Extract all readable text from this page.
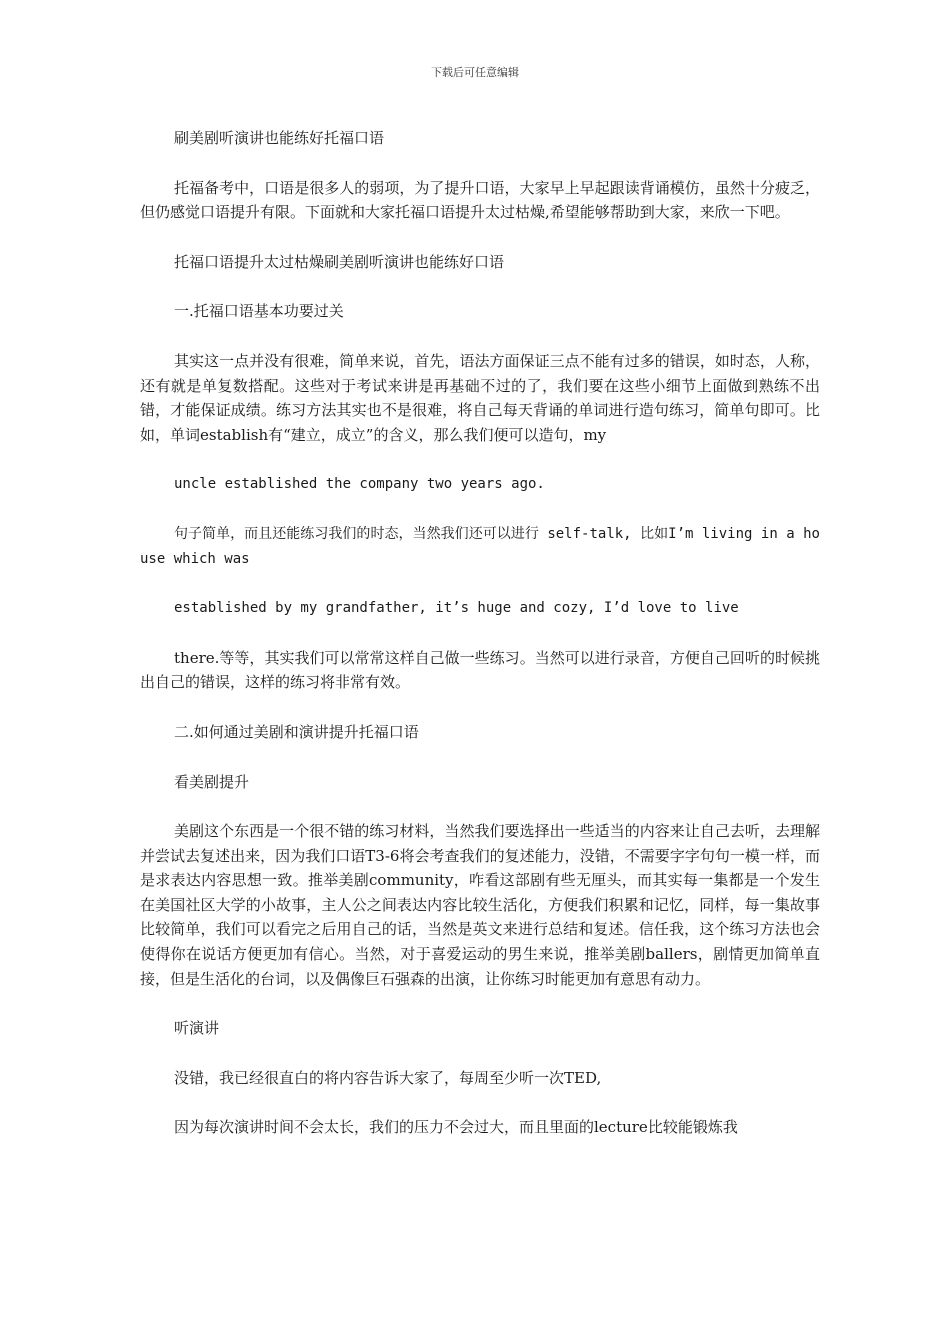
下载后可任意编辑

刷美剧听演讲也能练好托福口语

托福备考中，口语是很多人的弱项，为了提升口语，大家早上早起跟读背诵模仿，虽然十分疲乏，但仍感觉口语提升有限。下面就和大家托福口语提升太过枯燥,希望能够帮助到大家，来欣一下吧。

托福口语提升太过枯燥刷美剧听演讲也能练好口语

一.托福口语基本功要过关

其实这一点并没有很难，简单来说，首先，语法方面保证三点不能有过多的错误，如时态，人称，还有就是单复数搭配。这些对于考试来讲是再基础不过的了，我们要在这些小细节上面做到熟练不出错，才能保证成绩。练习方法其实也不是很难，将自己每天背诵的单词进行造句练习，简单句即可。比如，单词establish有“建立，成立”的含义，那么我们便可以造句，my

uncle established the company two years ago.

句子简单，而且还能练习我们的时态，当然我们还可以进行 self-talk, 比如I’m living in a house which was

established by my grandfather, it’s huge and cozy, I’d love to live

there.等等，其实我们可以常常这样自己做一些练习。当然可以进行录音，方便自己回听的时候挑出自己的错误，这样的练习将非常有效。

二.如何通过美剧和演讲提升托福口语

看美剧提升

美剧这个东西是一个很不错的练习材料，当然我们要选择出一些适当的内容来让自己去听，去理解并尝试去复述出来，因为我们口语T3-6将会考查我们的复述能力，没错，不需要字字句句一模一样，而是求表达内容思想一致。推举美剧community，咋看这部剧有些无厘头，而其实每一集都是一个发生在美国社区大学的小故事，主人公之间表达内容比较生活化，方便我们积累和记忆，同样，每一集故事比较简单，我们可以看完之后用自己的话，当然是英文来进行总结和复述。信任我，这个练习方法也会使得你在说话方便更加有信心。当然，对于喜爱运动的男生来说，推举美剧ballers，剧情更加简单直接，但是生活化的台词，以及偶像巨石强森的出演，让你练习时能更加有意思有动力。

听演讲

没错，我已经很直白的将内容告诉大家了，每周至少听一次TED,

因为每次演讲时间不会太长，我们的压力不会过大，而且里面的lecture比较能锻炼我
